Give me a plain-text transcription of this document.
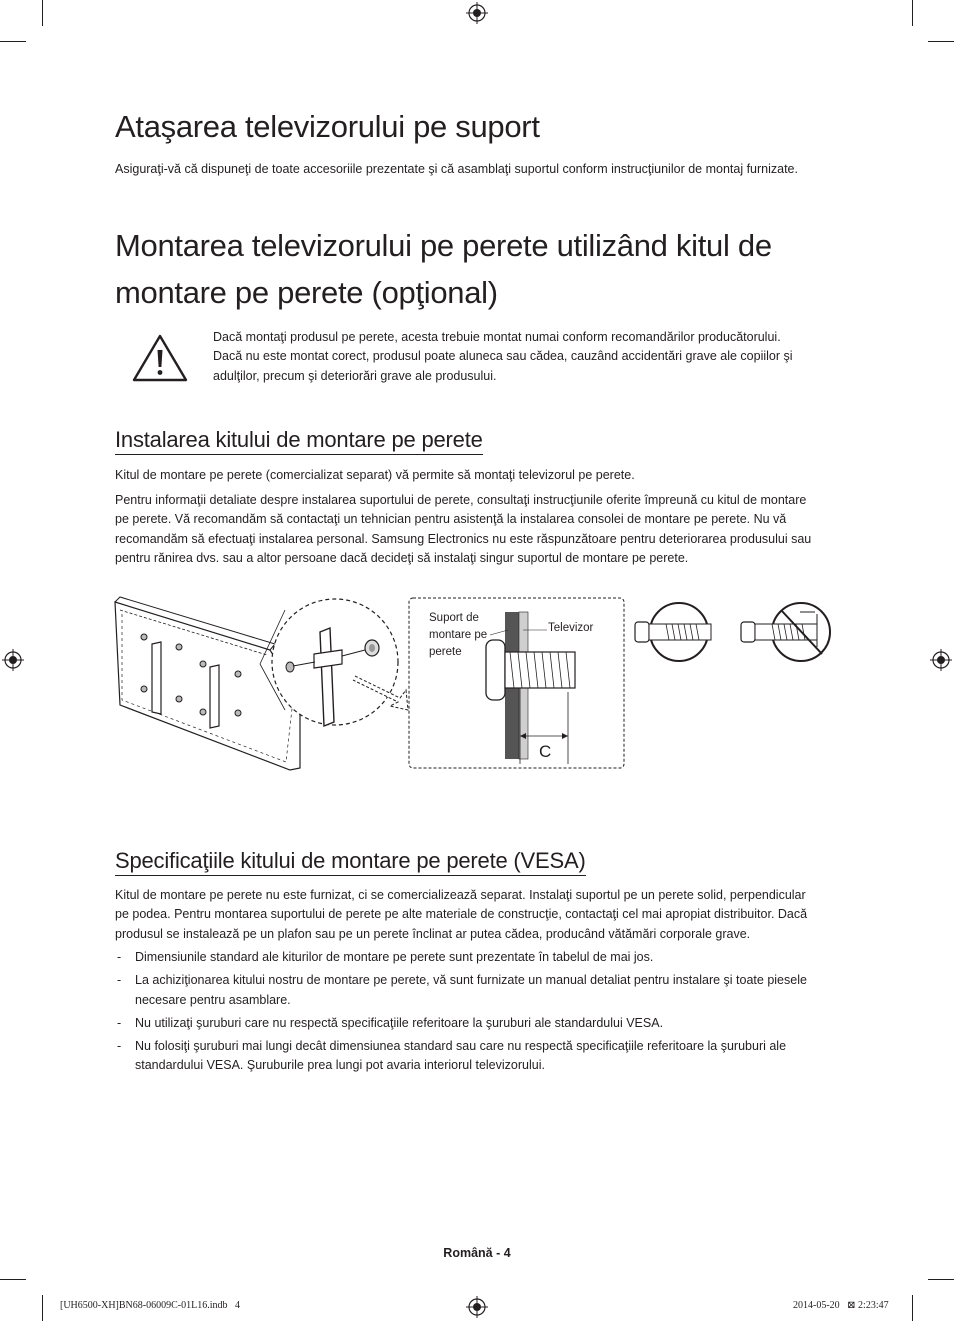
Ataşarea televizorului pe suport

Asiguraţi-vă că dispuneţi de toate accesoriile prezentate şi că asamblaţi suportul conform instrucţiunilor de montaj furnizate.

Montarea televizorului pe perete utilizând kitul de
montare pe perete (opţional)
Dacă montaţi produsul pe perete, acesta trebuie montat numai conform recomandărilor producătorului.
Dacă nu este montat corect, produsul poate aluneca sau cădea, cauzând accidentări grave ale copiilor şi
adulţilor, precum şi deteriorări grave ale produsului.
Instalarea kitului de montare pe perete

Kitul de montare pe perete (comercializat separat) vă permite să montaţi televizorul pe perete.

Pentru informaţii detaliate despre instalarea suportului de perete, consultaţi instrucţiunile oferite împreună cu kitul de montare
pe perete. Vă recomandăm să contactaţi un tehnician pentru asistenţă la instalarea consolei de montare pe perete. Nu vă
recomandăm să efectuaţi instalarea personal. Samsung Electronics nu este răspunzătoare pentru deteriorarea produsului sau
pentru rănirea dvs. sau a altor persoane dacă decideţi să instalaţi singur suportul de montare pe perete.
Suport de
montare pe
perete
Televizor
C
Specificaţiile kitului de montare pe perete (VESA)
Kitul de montare pe perete nu este furnizat, ci se comercializează separat. Instalaţi suportul pe un perete solid, perpendicular
pe podea. Pentru montarea suportului de perete pe alte materiale de construcţie, contactaţi cel mai apropiat distribuitor. Dacă
produsul se instalează pe un plafon sau pe un perete înclinat ar putea cădea, producând vătămări corporale grave.
- Dimensiunile standard ale kiturilor de montare pe perete sunt prezentate în tabelul de mai jos.
- La achiziţionarea kitului nostru de montare pe perete, vă sunt furnizate un manual detaliat pentru instalare şi toate piesele necesare pentru asamblare.
- Nu utilizaţi şuruburi care nu respectă specificaţiile referitoare la şuruburi ale standardului VESA.
- Nu folosiţi şuruburi mai lungi decât dimensiunea standard sau care nu respectă specificaţiile referitoare la şuruburi ale standardului VESA. Şuruburile prea lungi pot avaria interiorul televizorului.
Română - 4
[UH6500-XH]BN68-06009C-01L16.indb   4	2014-05-20   ⊠ 2:23:47
